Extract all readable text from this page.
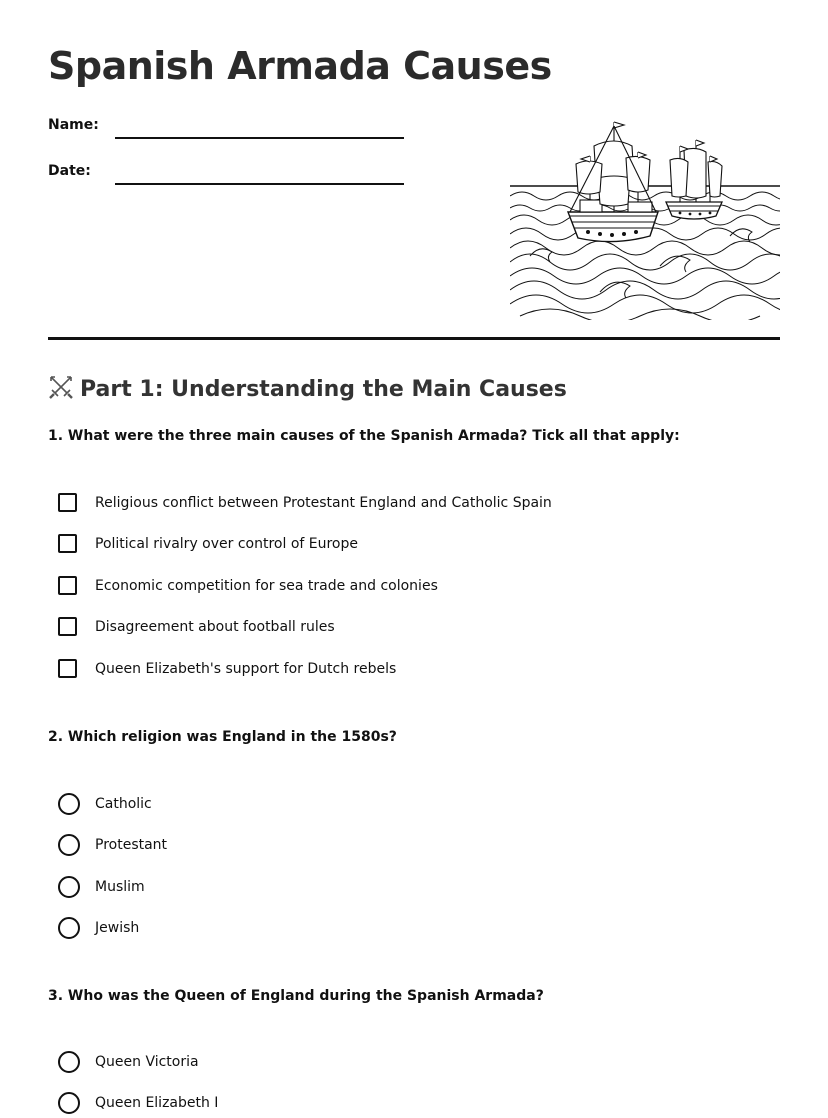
Spanish Armada Causes
Name:
Date:
Part 1: Understanding the Main Causes

1. What were the three main causes of the Spanish Armada? Tick all that apply:

Religious conflict between Protestant England and Catholic Spain
Political rivalry over control of Europe
Economic competition for sea trade and colonies
Disagreement about football rules
Queen Elizabeth's support for Dutch rebels

2. Which religion was England in the 1580s?

Catholic
Protestant
Muslim
Jewish

3. Who was the Queen of England during the Spanish Armada?

Queen Victoria
Queen Elizabeth I
